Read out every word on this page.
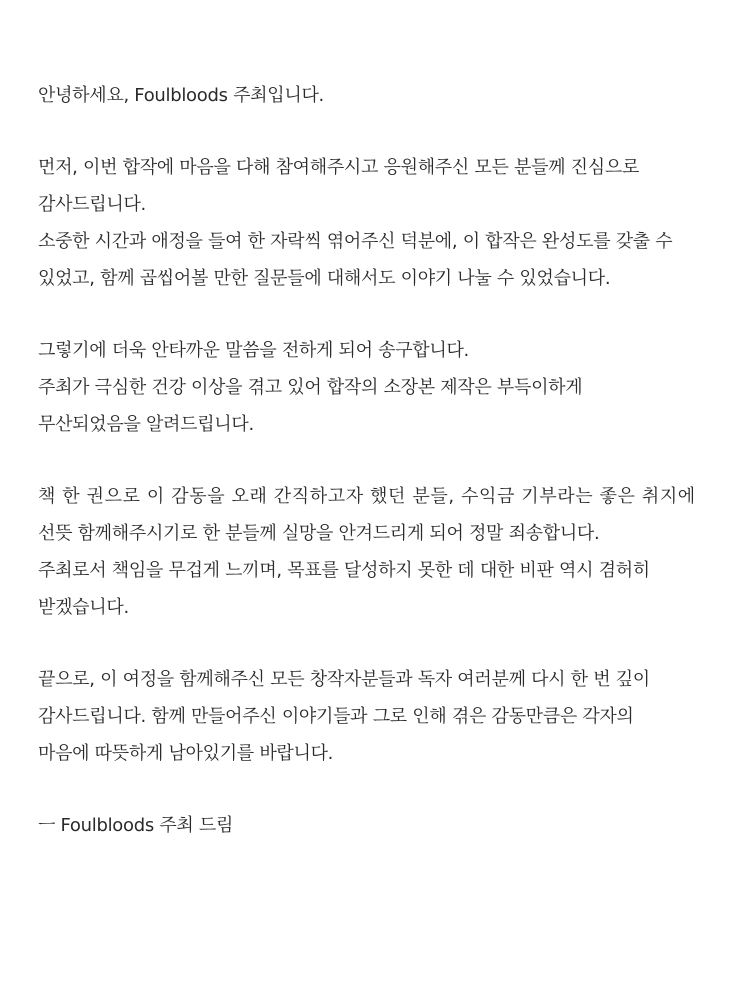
안녕하세요, Foulbloods 주최입니다.
먼저, 이번 합작에 마음을 다해 참여해주시고 응원해주신 모든 분들께 진심으로
감사드립니다.
소중한 시간과 애정을 들여 한 자락씩 엮어주신 덕분에, 이 합작은 완성도를 갖출 수
있었고, 함께 곱씹어볼 만한 질문들에 대해서도 이야기 나눌 수 있었습니다.
그렇기에 더욱 안타까운 말씀을 전하게 되어 송구합니다.
주최가 극심한 건강 이상을 겪고 있어 합작의 소장본 제작은 부득이하게
무산되었음을 알려드립니다.
책 한 권으로 이 감동을 오래 간직하고자 했던 분들, 수익금 기부라는 좋은 취지에
선뜻 함께해주시기로 한 분들께 실망을 안겨드리게 되어 정말 죄송합니다.
주최로서 책임을 무겁게 느끼며, 목표를 달성하지 못한 데 대한 비판 역시 겸허히
받겠습니다.
끝으로, 이 여정을 함께해주신 모든 창작자분들과 독자 여러분께 다시 한 번 깊이
감사드립니다. 함께 만들어주신 이야기들과 그로 인해 겪은 감동만큼은 각자의
마음에 따뜻하게 남아있기를 바랍니다.
ㅡ Foulbloods 주최 드림
